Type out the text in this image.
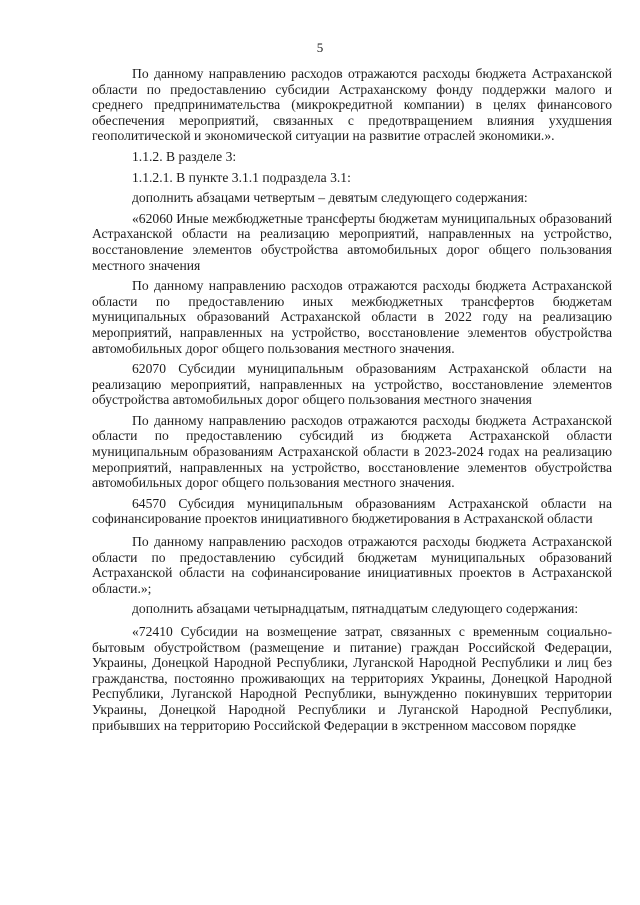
5

По данному направлению расходов отражаются расходы бюджета Астраханской области по предоставлению субсидии Астраханскому фонду поддержки малого и среднего предпринимательства (микрокредитной компании) в целях финансового обеспечения мероприятий, связанных с предотвращением влияния ухудшения геополитической и экономической ситуации на развитие отраслей экономики.».

1.1.2. В разделе 3:

1.1.2.1. В пункте 3.1.1 подраздела 3.1:

дополнить абзацами четвертым – девятым следующего содержания:

«62060 Иные межбюджетные трансферты бюджетам муниципальных образований Астраханской области на реализацию мероприятий, направленных на устройство, восстановление элементов обустройства автомобильных дорог общего пользования местного значения

По данному направлению расходов отражаются расходы бюджета Астраханской области по предоставлению иных межбюджетных трансфертов бюджетам муниципальных образований Астраханской области в 2022 году на реализацию мероприятий, направленных на устройство, восстановление элементов обустройства автомобильных дорог общего пользования местного значения.

62070 Субсидии муниципальным образованиям Астраханской области на реализацию мероприятий, направленных на устройство, восстановление элементов обустройства автомобильных дорог общего пользования местного значения

По данному направлению расходов отражаются расходы бюджета Астраханской области по предоставлению субсидий из бюджета Астраханской области муниципальным образованиям Астраханской области в 2023-2024 годах на реализацию мероприятий, направленных на устройство, восстановление элементов обустройства автомобильных дорог общего пользования местного значения.

64570 Субсидия муниципальным образованиям Астраханской области на софинансирование проектов инициативного бюджетирования в Астраханской области

По данному направлению расходов отражаются расходы бюджета Астраханской области по предоставлению субсидий бюджетам муниципальных образований Астраханской области на софинансирование инициативных проектов в Астраханской области.»;

дополнить абзацами четырнадцатым, пятнадцатым следующего содержания:

«72410 Субсидии на возмещение затрат, связанных с временным социально-бытовым обустройством (размещение и питание) граждан Российской Федерации, Украины, Донецкой Народной Республики, Луганской Народной Республики и лиц без гражданства, постоянно проживающих на территориях Украины, Донецкой Народной Республики, Луганской Народной Республики, вынужденно покинувших территории Украины, Донецкой Народной Республики и Луганской Народной Республики, прибывших на территорию Российской Федерации в экстренном массовом порядке
